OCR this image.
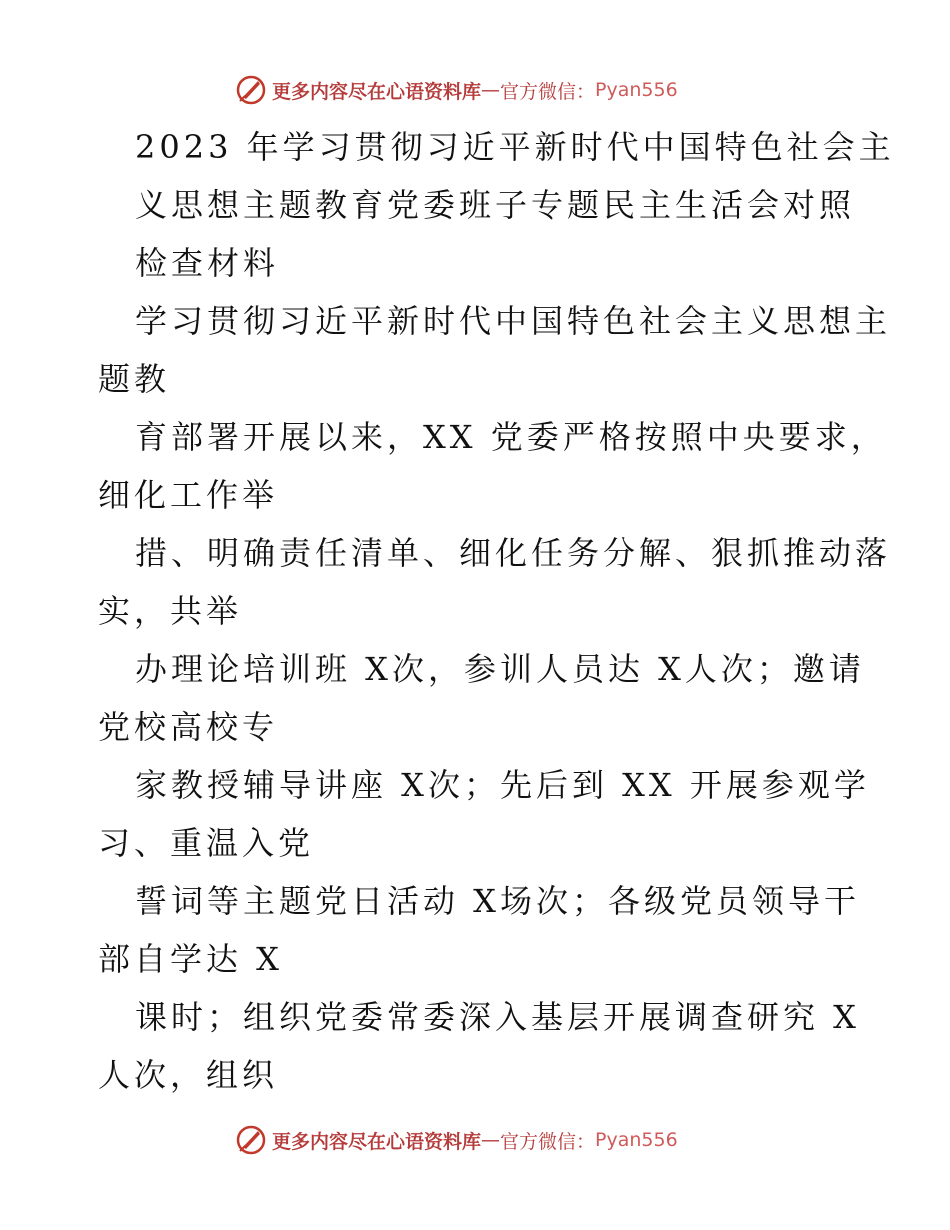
更多内容尽在心语资料库 — 官方微信： Pyan556
2023 年学习贯彻习近平新时代中国特色社会主
义思想主题教育党委班子专题民主生活会对照
检查材料
学习贯彻习近平新时代中国特色社会主义思想主
题教
育部署开展以来，XX 党委严格按照中央要求，
细化工作举
措、明确责任清单、细化任务分解、狠抓推动落
实，共举
办理论培训班 X次，参训人员达 X人次；邀请
党校高校专
家教授辅导讲座 X次；先后到 XX 开展参观学
习、重温入党
誓词等主题党日活动 X场次；各级党员领导干
部自学达 X
课时；组织党委常委深入基层开展调查研究 X
人次，组织
更多内容尽在心语资料库 — 官方微信： Pyan556
